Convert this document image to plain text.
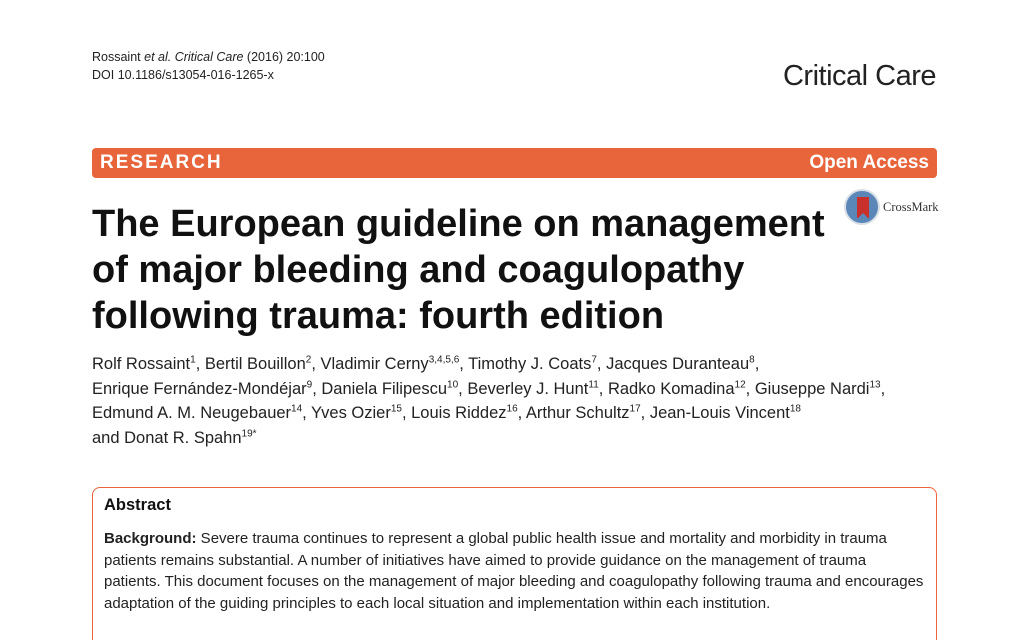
Rossaint et al. Critical Care (2016) 20:100
DOI 10.1186/s13054-016-1265-x	Critical Care
RESEARCH	Open Access
The European guideline on management of major bleeding and coagulopathy following trauma: fourth edition
CrossMark
Rolf Rossaint$^1$, Bertil Bouillon$^2$, Vladimir Cerny$^{3,4,5,6}$, Timothy J. Coats$^7$, Jacques Duranteau$^8$,
Enrique Fernández-Mondéjar$^9$, Daniela Filipescu$^{10}$, Beverley J. Hunt$^{11}$, Radko Komadina$^{12}$, Giuseppe Nardi$^{13}$,
Edmund A. M. Neugebauer$^{14}$, Yves Ozier$^{15}$, Louis Riddez$^{16}$, Arthur Schultz$^{17}$, Jean-Louis Vincent$^{18}$
and Donat R. Spahn$^{19*}$
Abstract

Background: Severe trauma continues to represent a global public health issue and mortality and morbidity in trauma patients remains substantial. A number of initiatives have aimed to provide guidance on the management of trauma patients. This document focuses on the management of major bleeding and coagulopathy following trauma and encourages adaptation of the guiding principles to each local situation and implementation within each institution.
